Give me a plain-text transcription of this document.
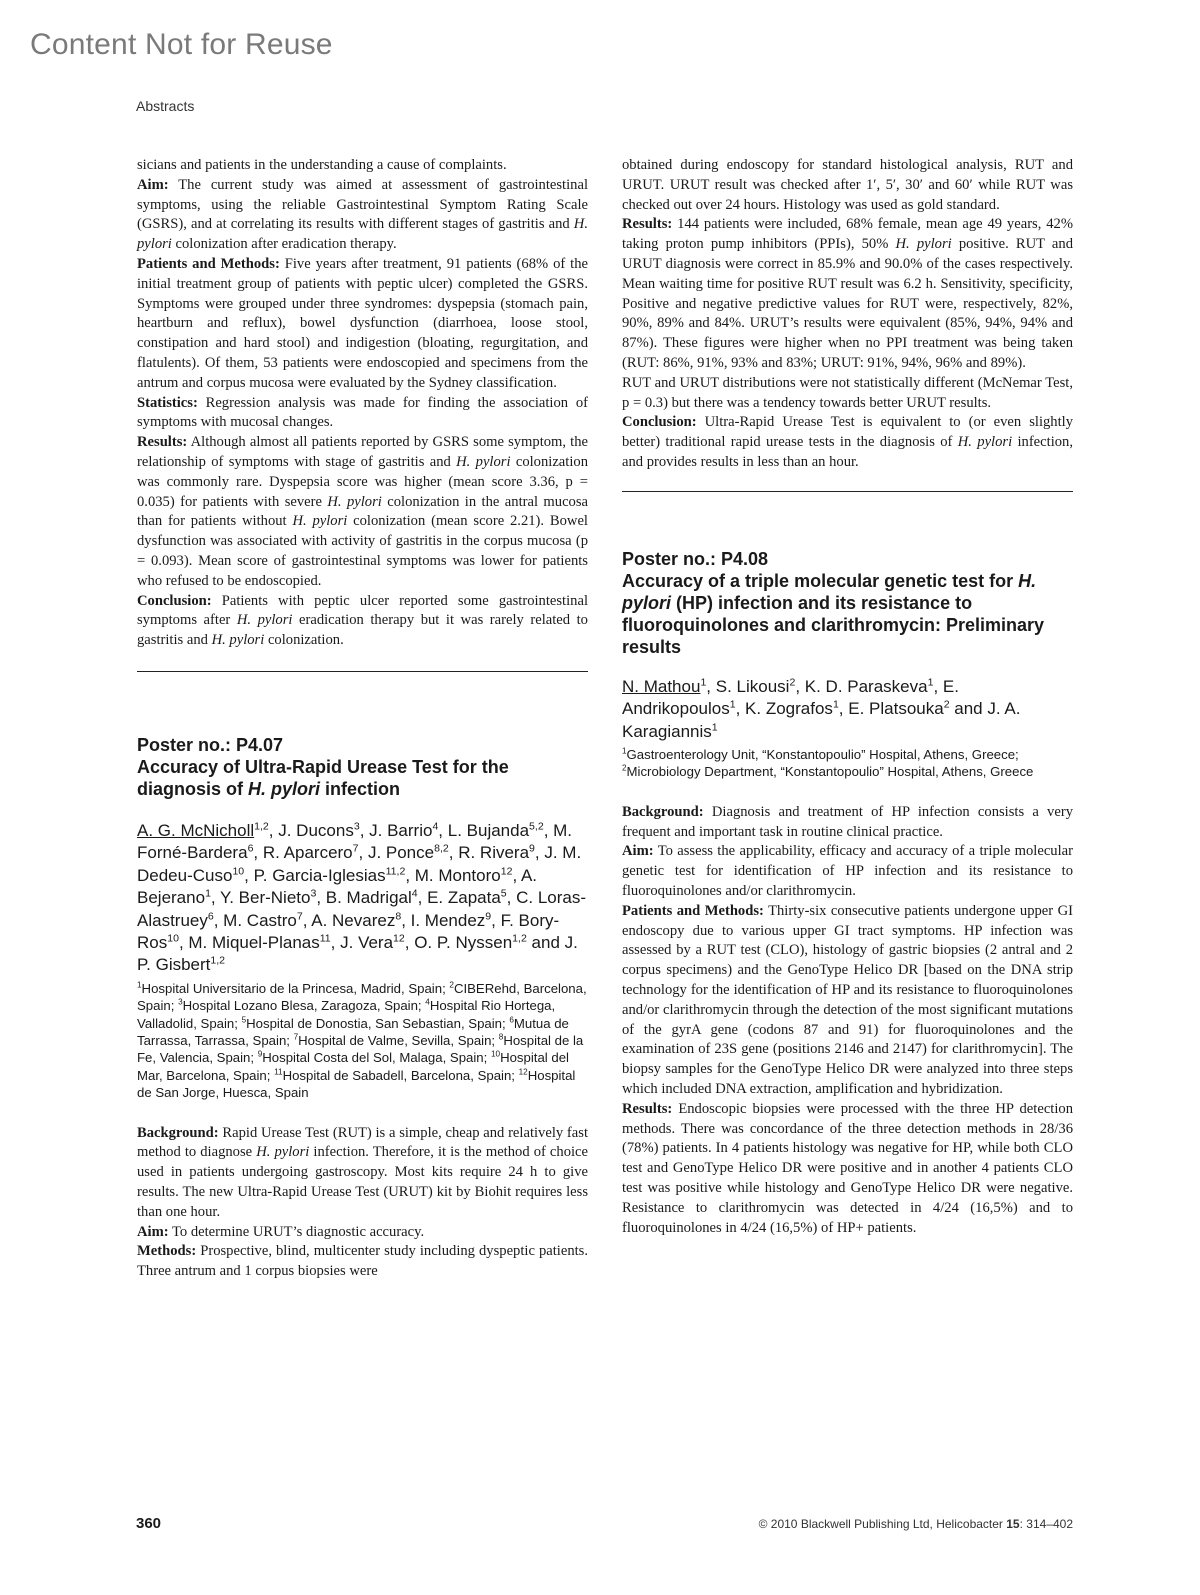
Content Not for Reuse
Abstracts

sicians and patients in the understanding a cause of complaints.

Aim: The current study was aimed at assessment of gastrointestinal symptoms, using the reliable Gastrointestinal Symptom Rating Scale (GSRS), and at correlating its results with different stages of gastritis and H. pylori colonization after eradication therapy.

Patients and Methods: Five years after treatment, 91 patients (68% of the initial treatment group of patients with peptic ulcer) completed the GSRS. Symptoms were grouped under three syndromes: dyspepsia (stomach pain, heartburn and reflux), bowel dysfunction (diarrhoea, loose stool, constipation and hard stool) and indigestion (bloating, regurgitation, and flatulents). Of them, 53 patients were endoscopied and specimens from the antrum and corpus mucosa were evaluated by the Sydney classification.

Statistics: Regression analysis was made for finding the association of symptoms with mucosal changes.

Results: Although almost all patients reported by GSRS some symptom, the relationship of symptoms with stage of gastritis and H. pylori colonization was commonly rare. Dyspepsia score was higher (mean score 3.36, p = 0.035) for patients with severe H. pylori colonization in the antral mucosa than for patients without H. pylori colonization (mean score 2.21). Bowel dysfunction was associated with activity of gastritis in the corpus mucosa (p = 0.093). Mean score of gastrointestinal symptoms was lower for patients who refused to be endoscopied.

Conclusion: Patients with peptic ulcer reported some gastrointestinal symptoms after H. pylori eradication therapy but it was rarely related to gastritis and H. pylori colonization.

Poster no.: P4.07

Accuracy of Ultra-Rapid Urease Test for the diagnosis of H. pylori infection

A. G. McNicholl$^{1,2}$, J. Ducons$^3$, J. Barrio$^4$, L. Bujanda$^{5,2}$, M. Forné-Bardera$^6$, R. Aparcero$^7$, J. Ponce$^{8,2}$, R. Rivera$^9$, J. M. Dedeu-Cuso$^{10}$, P. Garcia-Iglesias$^{11,2}$, M. Montoro$^{12}$, A. Bejerano$^1$, Y. Ber-Nieto$^3$, B. Madrigal$^4$, E. Zapata$^5$, C. Loras-Alastruey$^6$, M. Castro$^7$, A. Nevarez$^8$, I. Mendez$^9$, F. Bory-Ros$^{10}$, M. Miquel-Planas$^{11}$, J. Vera$^{12}$, O. P. Nyssen$^{1,2}$ and J. P. Gisbert$^{1,2}$

$^1$Hospital Universitario de la Princesa, Madrid, Spain; $^2$CIBERehd, Barcelona, Spain; $^3$Hospital Lozano Blesa, Zaragoza, Spain; $^4$Hospital Rio Hortega, Valladolid, Spain; $^5$Hospital de Donostia, San Sebastian, Spain; $^6$Mutua de Tarrassa, Tarrassa, Spain; $^7$Hospital de Valme, Sevilla, Spain; $^8$Hospital de la Fe, Valencia, Spain; $^9$Hospital Costa del Sol, Malaga, Spain; $^{10}$Hospital del Mar, Barcelona, Spain; $^{11}$Hospital de Sabadell, Barcelona, Spain; $^{12}$Hospital de San Jorge, Huesca, Spain

Background: Rapid Urease Test (RUT) is a simple, cheap and relatively fast method to diagnose H. pylori infection. Therefore, it is the method of choice used in patients undergoing gastroscopy. Most kits require 24 h to give results. The new Ultra-Rapid Urease Test (URUT) kit by Biohit requires less than one hour.

Aim: To determine URUT’s diagnostic accuracy.

Methods: Prospective, blind, multicenter study including dyspeptic patients. Three antrum and 1 corpus biopsies were

obtained during endoscopy for standard histological analysis, RUT and URUT. URUT result was checked after 1′, 5′, 30′ and 60′ while RUT was checked out over 24 hours. Histology was used as gold standard.

Results: 144 patients were included, 68% female, mean age 49 years, 42% taking proton pump inhibitors (PPIs), 50% H. pylori positive. RUT and URUT diagnosis were correct in 85.9% and 90.0% of the cases respectively. Mean waiting time for positive RUT result was 6.2 h. Sensitivity, specificity, Positive and negative predictive values for RUT were, respectively, 82%, 90%, 89% and 84%. URUT’s results were equivalent (85%, 94%, 94% and 87%). These figures were higher when no PPI treatment was being taken (RUT: 86%, 91%, 93% and 83%; URUT: 91%, 94%, 96% and 89%).

RUT and URUT distributions were not statistically different (McNemar Test, p = 0.3) but there was a tendency towards better URUT results.

Conclusion: Ultra-Rapid Urease Test is equivalent to (or even slightly better) traditional rapid urease tests in the diagnosis of H. pylori infection, and provides results in less than an hour.

Poster no.: P4.08

Accuracy of a triple molecular genetic test for H. pylori (HP) infection and its resistance to fluoroquinolones and clarithromycin: Preliminary results

N. Mathou$^1$, S. Likousi$^2$, K. D. Paraskeva$^1$, E. Andrikopoulos$^1$, K. Zografos$^1$, E. Platsouka$^2$ and J. A. Karagiannis$^1$

$^1$Gastroenterology Unit, “Konstantopoulio” Hospital, Athens, Greece; $^2$Microbiology Department, “Konstantopoulio” Hospital, Athens, Greece

Background: Diagnosis and treatment of HP infection consists a very frequent and important task in routine clinical practice.

Aim: To assess the applicability, efficacy and accuracy of a triple molecular genetic test for identification of HP infection and its resistance to fluoroquinolones and/or clarithromycin.

Patients and Methods: Thirty-six consecutive patients undergone upper GI endoscopy due to various upper GI tract symptoms. HP infection was assessed by a RUT test (CLO), histology of gastric biopsies (2 antral and 2 corpus specimens) and the GenoType Helico DR [based on the DNA strip technology for the identification of HP and its resistance to fluoroquinolones and/or clarithromycin through the detection of the most significant mutations of the gyrA gene (codons 87 and 91) for fluoroquinolones and the examination of 23S gene (positions 2146 and 2147) for clarithromycin]. The biopsy samples for the GenoType Helico DR were analyzed into three steps which included DNA extraction, amplification and hybridization.

Results: Endoscopic biopsies were processed with the three HP detection methods. There was concordance of the three detection methods in 28/36 (78%) patients. In 4 patients histology was negative for HP, while both CLO test and GenoType Helico DR were positive and in another 4 patients CLO test was positive while histology and GenoType Helico DR were negative. Resistance to clarithromycin was detected in 4/24 (16,5%) and to fluoroquinolones in 4/24 (16,5%) of HP+ patients.

360	© 2010 Blackwell Publishing Ltd, Helicobacter 15: 314–402
